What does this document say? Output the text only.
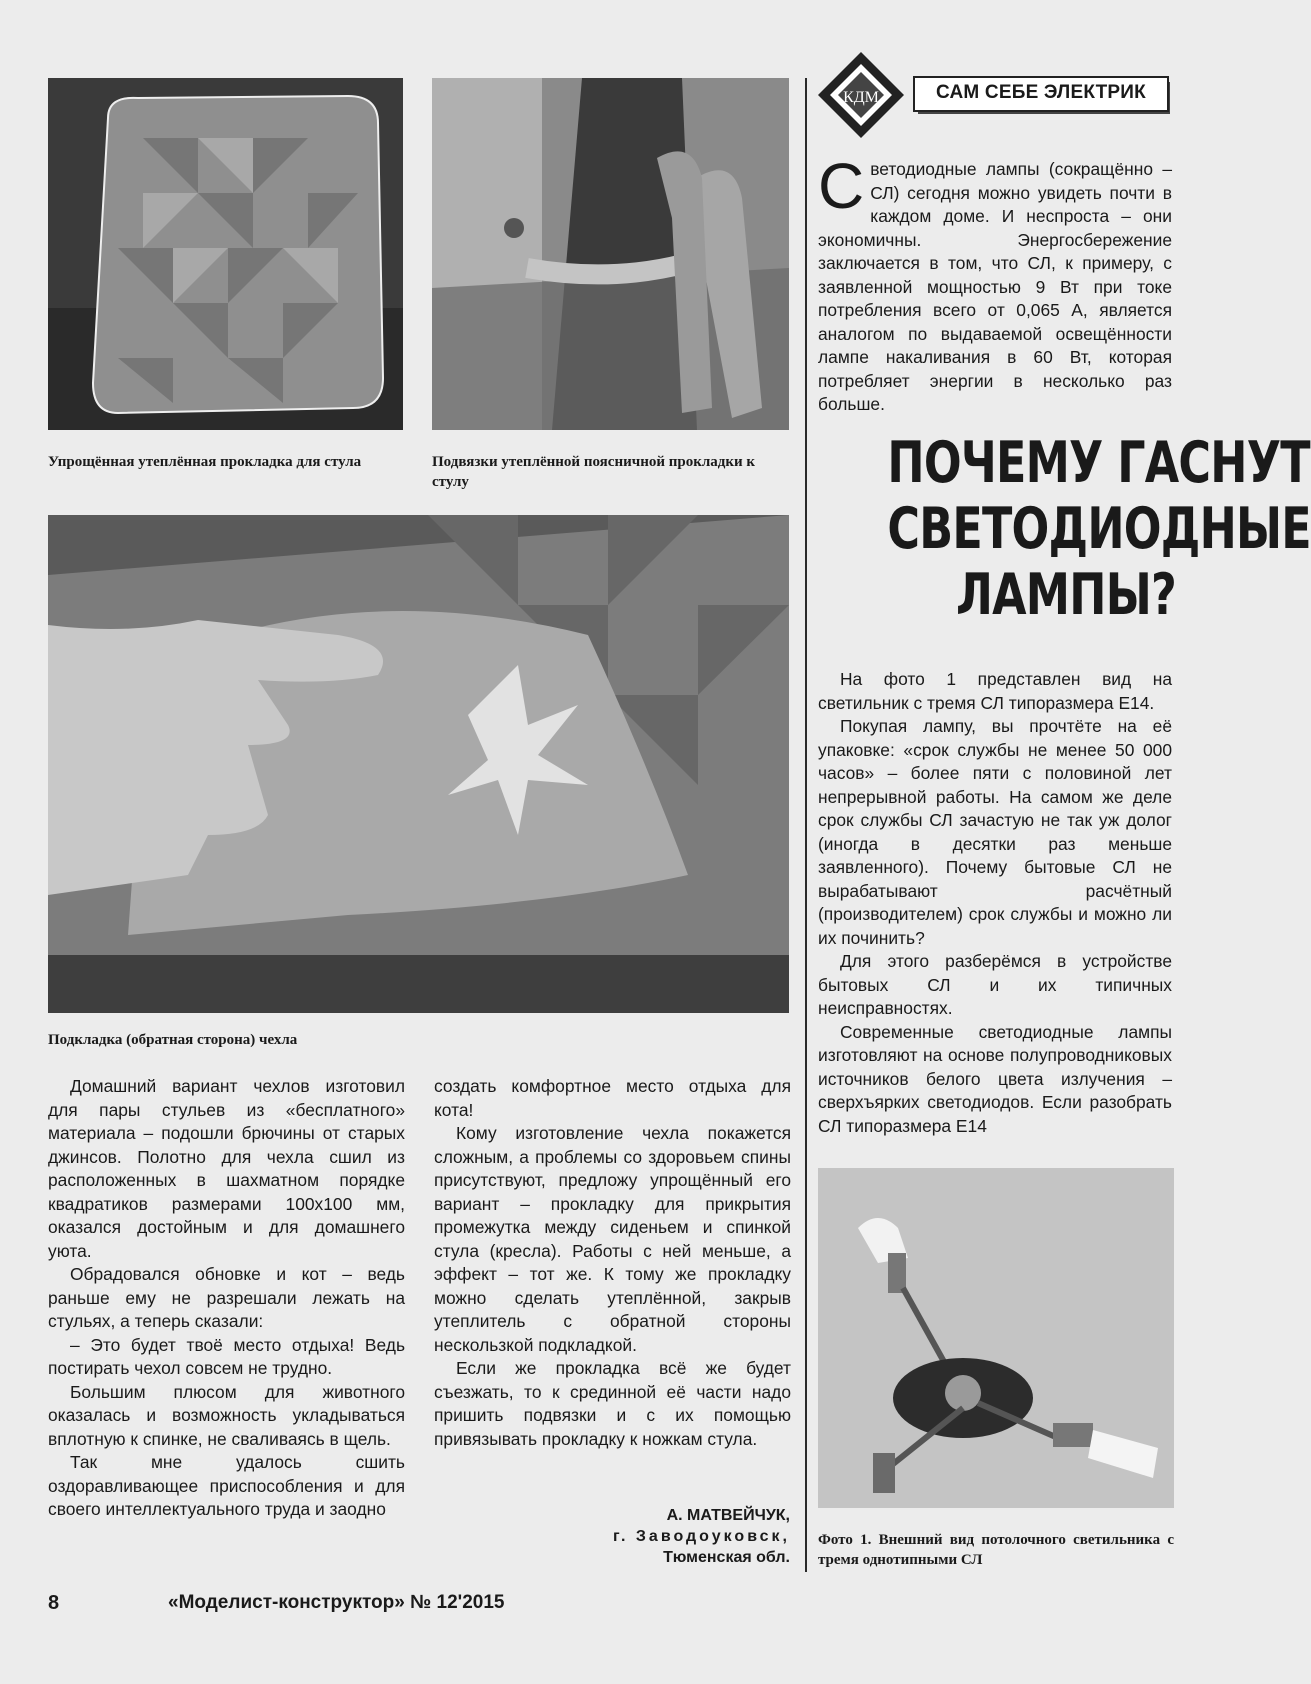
Упрощённая утеплённая прокладка для стула	Подвязки утеплённой поясничной прокладки к стулу
Подкладка (обратная сторона) чехла

Домашний вариант чехлов изготовил для пары стульев из «бесплатного» материала – подошли брючины от старых джинсов. Полотно для чехла сшил из расположенных в шахматном порядке квадратиков размерами 100х100 мм, оказался достойным и для домашнего уюта.

Обрадовался обновке и кот – ведь раньше ему не разрешали лежать на стульях, а теперь сказали:

– Это будет твоё место отдыха! Ведь постирать чехол совсем не трудно.

Большим плюсом для животного оказалась и возможность укладываться вплотную к спинке, не сваливаясь в щель.

Так мне удалось сшить оздоравливающее приспособления и для своего интеллектуального труда и заодно

создать комфортное место отдыха для кота!

Кому изготовление чехла покажется сложным, а проблемы со здоровьем спины присутствуют, предложу упрощённый его вариант – прокладку для прикрытия промежутка между сиденьем и спинкой стула (кресла). Работы с ней меньше, а эффект – тот же. К тому же прокладку можно сделать утеплённой, закрыв утеплитель с обратной стороны нескользкой подкладкой.

Если же прокладка всё же будет съезжать, то к срединной её части надо пришить подвязки и с их помощью привязывать прокладку к ножкам стула.

А. МАТВЕЙЧУК,
г. Заводоуковск,
Тюменская обл.
КДМ	САМ СЕБЕ ЭЛЕКТРИК

Светодиодные лампы (сокращённо – СЛ) сегодня можно увидеть почти в каждом доме. И неспроста – они экономичны. Энергосбережение заключается в том, что СЛ, к примеру, с заявленной мощностью 9 Вт при токе потребления всего от 0,065 А, является аналогом по выдаваемой освещённости лампе накаливания в 60 Вт, которая потребляет энергии в несколько раз больше.

ПОЧЕМУ ГАСНУТ
СВЕТОДИОДНЫЕ
ЛАМПЫ?

На фото 1 представлен вид на светильник с тремя СЛ типоразмера Е14.

Покупая лампу, вы прочтёте на её упаковке: «срок службы не менее 50 000 часов» – более пяти с половиной лет непрерывной работы. На самом же деле срок службы СЛ зачастую не так уж долог (иногда в десятки раз меньше заявленного). Почему бытовые СЛ не вырабатывают расчётный (производителем) срок службы и можно ли их починить?

Для этого разберёмся в устройстве бытовых СЛ и их типичных неисправностях.

Современные светодиодные лампы изготовляют на основе полупроводниковых источников белого цвета излучения – сверхъярких светодиодов. Если разобрать СЛ типоразмера Е14

Фото 1. Внешний вид потолочного светильника с тремя однотипными СЛ
8	«Моделист-конструктор» № 12'2015
